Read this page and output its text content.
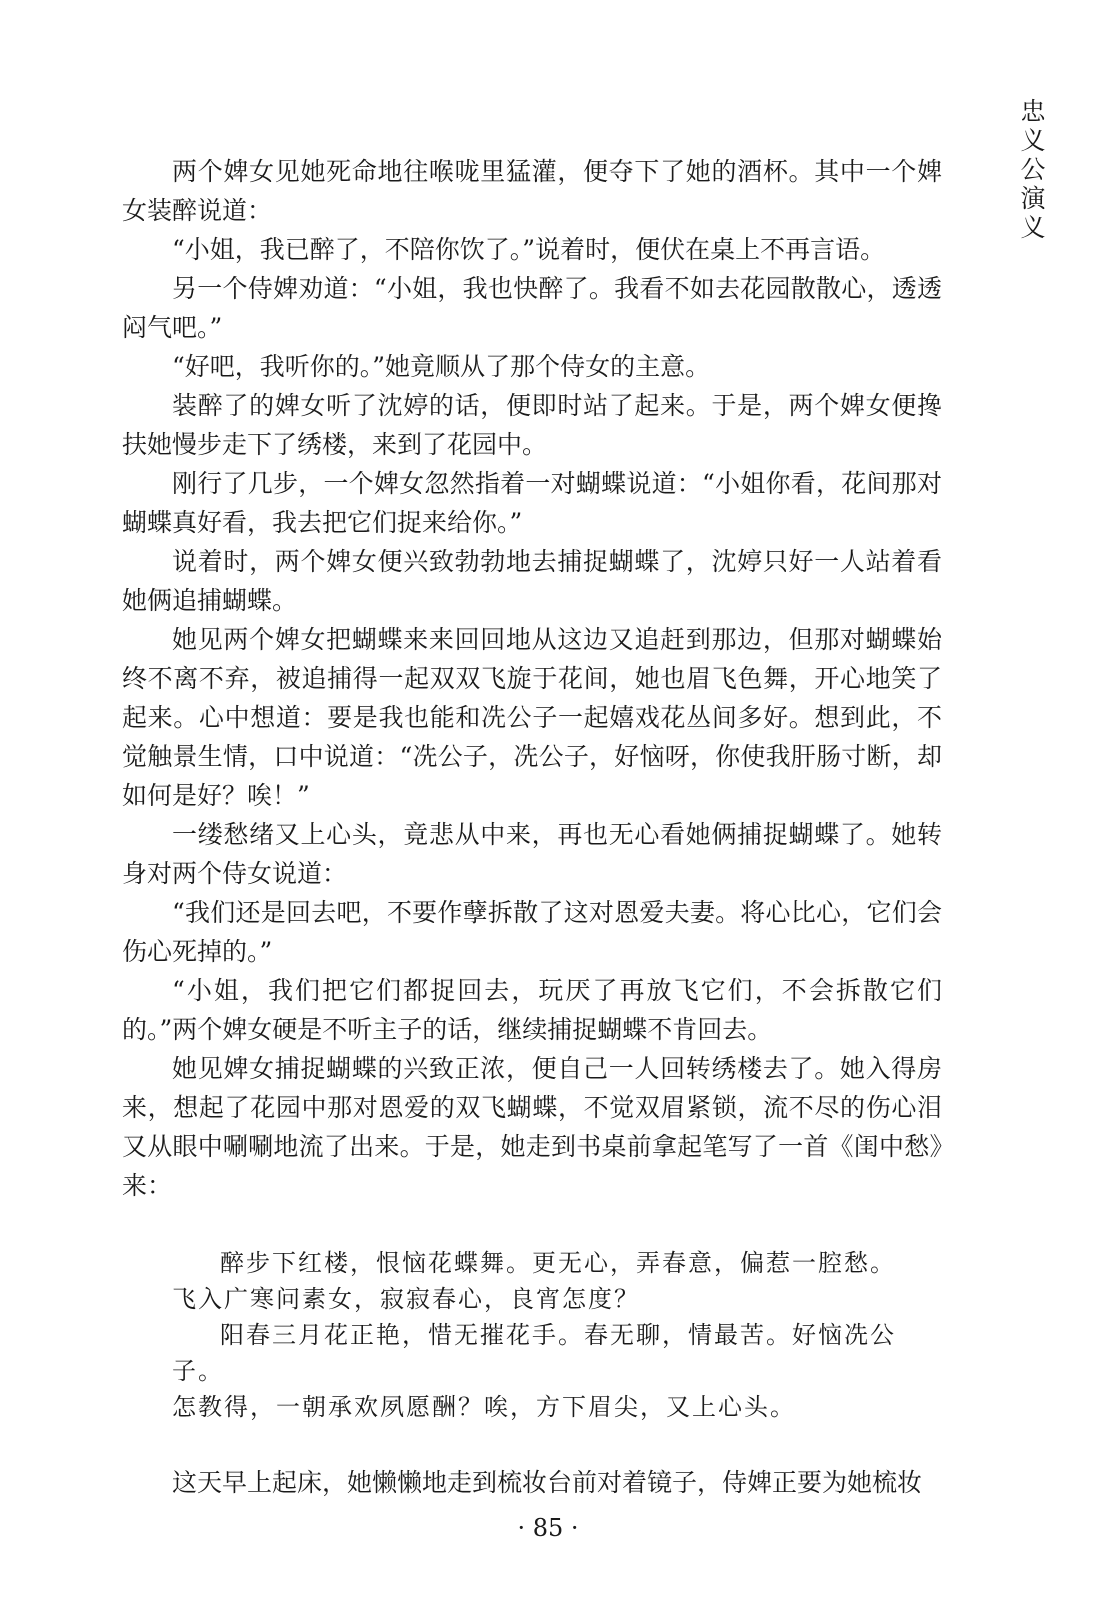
忠义公演义

两个婢女见她死命地往喉咙里猛灌，便夺下了她的酒杯。其中一个婢女装醉说道：

“小姐，我已醉了，不陪你饮了。”说着时，便伏在桌上不再言语。

另一个侍婢劝道：“小姐，我也快醉了。我看不如去花园散散心，透透闷气吧。”

“好吧，我听你的。”她竟顺从了那个侍女的主意。

装醉了的婢女听了沈婷的话，便即时站了起来。于是，两个婢女便搀扶她慢步走下了绣楼，来到了花园中。

刚行了几步，一个婢女忽然指着一对蝴蝶说道：“小姐你看，花间那对蝴蝶真好看，我去把它们捉来给你。”

说着时，两个婢女便兴致勃勃地去捕捉蝴蝶了，沈婷只好一人站着看她俩追捕蝴蝶。

她见两个婢女把蝴蝶来来回回地从这边又追赶到那边，但那对蝴蝶始终不离不弃，被追捕得一起双双飞旋于花间，她也眉飞色舞，开心地笑了起来。心中想道：要是我也能和冼公子一起嬉戏花丛间多好。想到此，不觉触景生情，口中说道：“冼公子，冼公子，好恼呀，你使我肝肠寸断，却如何是好？唉！”

一缕愁绪又上心头，竟悲从中来，再也无心看她俩捕捉蝴蝶了。她转身对两个侍女说道：

“我们还是回去吧，不要作孽拆散了这对恩爱夫妻。将心比心，它们会伤心死掉的。”

“小姐，我们把它们都捉回去，玩厌了再放飞它们，不会拆散它们的。”两个婢女硬是不听主子的话，继续捕捉蝴蝶不肯回去。

她见婢女捕捉蝴蝶的兴致正浓，便自己一人回转绣楼去了。她入得房来，想起了花园中那对恩爱的双飞蝴蝶，不觉双眉紧锁，流不尽的伤心泪又从眼中唰唰地流了出来。于是，她走到书桌前拿起笔写了一首《闺中愁》来：

醉步下红楼，恨恼花蝶舞。更无心，弄春意，偏惹一腔愁。

飞入广寒问素女，寂寂春心，良宵怎度？

阳春三月花正艳，惜无摧花手。春无聊，情最苦。好恼冼公子。

怎教得，一朝承欢夙愿酬？唉，方下眉尖，又上心头。

这天早上起床，她懒懒地走到梳妆台前对着镜子，侍婢正要为她梳妆

· 85 ·
